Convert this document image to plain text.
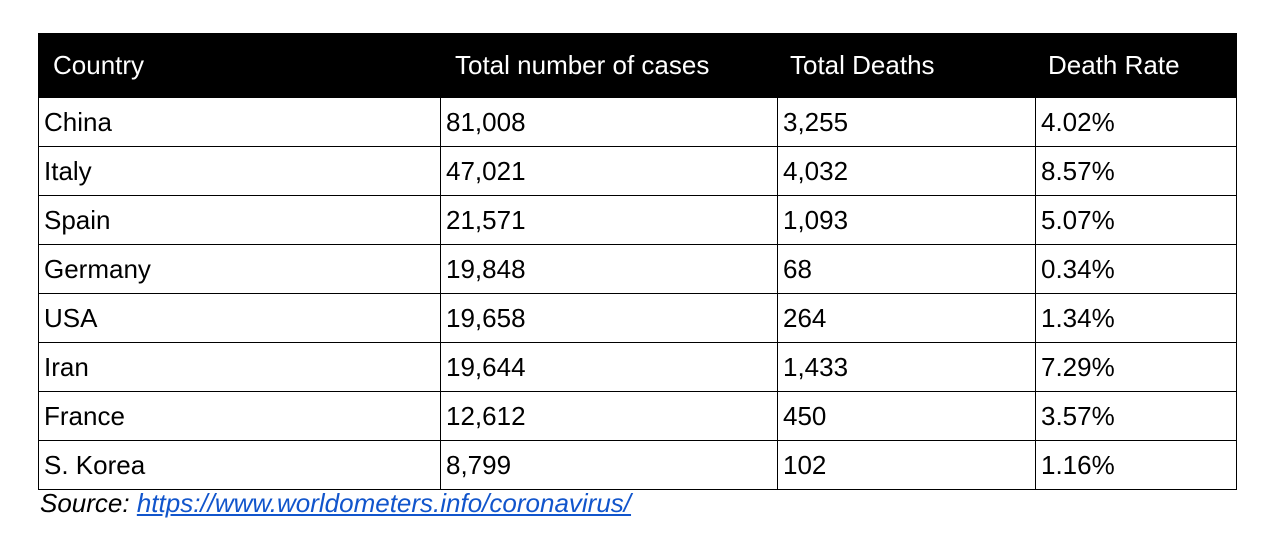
Country	Total number of cases	Total Deaths	Death Rate
China	81,008	3,255	4.02%
Italy	47,021	4,032	8.57%
Spain	21,571	1,093	5.07%
Germany	19,848	68	0.34%
USA	19,658	264	1.34%
Iran	19,644	1,433	7.29%
France	12,612	450	3.57%
S. Korea	8,799	102	1.16%
Source: https://www.worldometers.info/coronavirus/
